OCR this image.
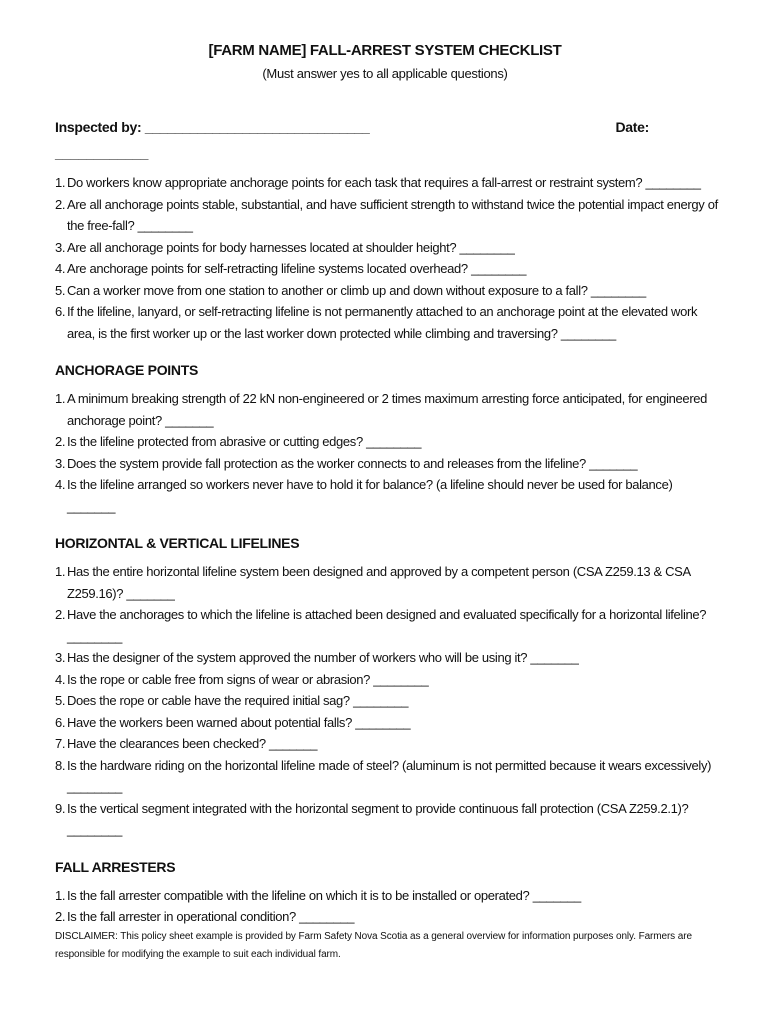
[FARM NAME] FALL-ARREST SYSTEM CHECKLIST
(Must answer yes to all applicable questions)
Inspected by: ______________________________	Date:
____________
1. Do workers know appropriate anchorage points for each task that requires a fall-arrest or restraint system? ________
2. Are all anchorage points stable, substantial, and have sufficient strength to withstand twice the potential impact energy of the free-fall? ________
3. Are all anchorage points for body harnesses located at shoulder height? ________
4. Are anchorage points for self-retracting lifeline systems located overhead? ________
5. Can a worker move from one station to another or climb up and down without exposure to a fall? ________
6. If the lifeline, lanyard, or self-retracting lifeline is not permanently attached to an anchorage point at the elevated work area, is the first worker up or the last worker down protected while climbing and traversing? ________
ANCHORAGE POINTS
1. A minimum breaking strength of 22 kN non-engineered or 2 times maximum arresting force anticipated, for engineered anchorage point? _______
2. Is the lifeline protected from abrasive or cutting edges? ________
3. Does the system provide fall protection as the worker connects to and releases from the lifeline? _______
4. Is the lifeline arranged so workers never have to hold it for balance? (a lifeline should never be used for balance) _______
HORIZONTAL & VERTICAL LIFELINES
1. Has the entire horizontal lifeline system been designed and approved by a competent person (CSA Z259.13 & CSA Z259.16)? _______
2. Have the anchorages to which the lifeline is attached been designed and evaluated specifically for a horizontal lifeline? ________
3. Has the designer of the system approved the number of workers who will be using it? _______
4. Is the rope or cable free from signs of wear or abrasion? ________
5. Does the rope or cable have the required initial sag? ________
6. Have the workers been warned about potential falls? ________
7. Have the clearances been checked? _______
8. Is the hardware riding on the horizontal lifeline made of steel? (aluminum is not permitted because it wears excessively) ________
9. Is the vertical segment integrated with the horizontal segment to provide continuous fall protection (CSA Z259.2.1)? ________
FALL ARRESTERS
1. Is the fall arrester compatible with the lifeline on which it is to be installed or operated? _______
2. Is the fall arrester in operational condition? ________
DISCLAIMER: This policy sheet example is provided by Farm Safety Nova Scotia as a general overview for information purposes only. Farmers are responsible for modifying the example to suit each individual farm.
